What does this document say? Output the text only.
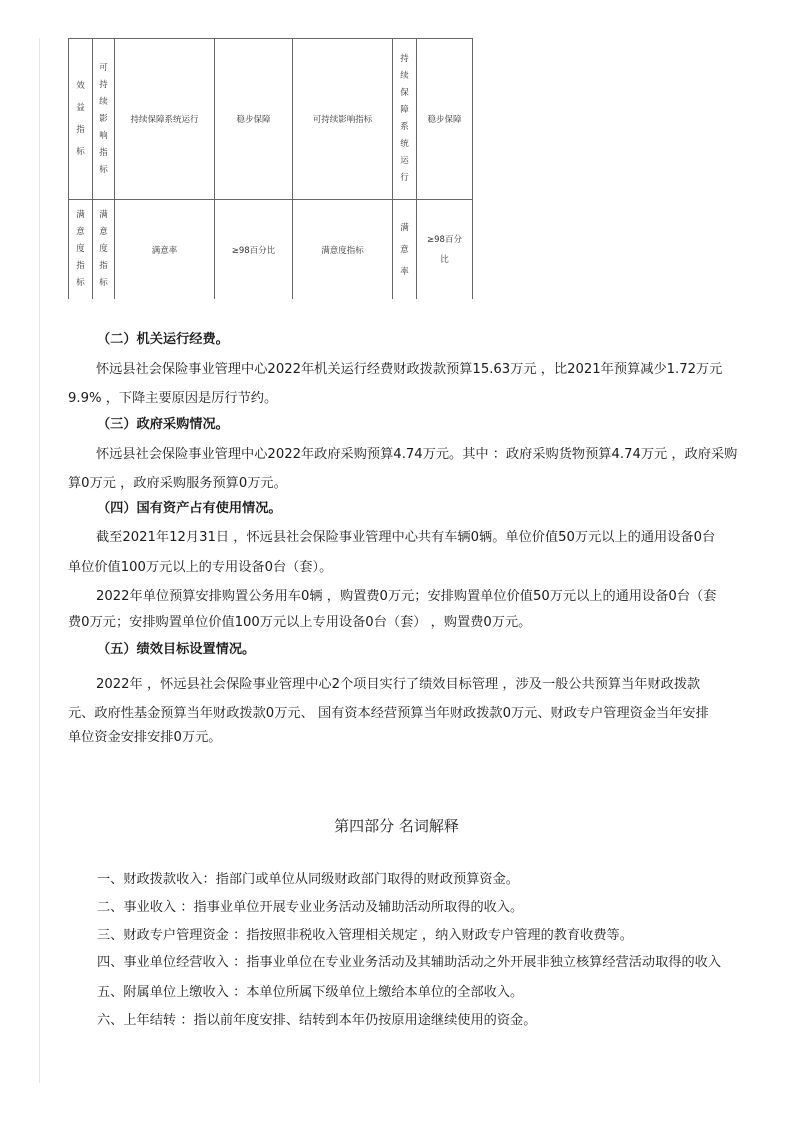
效益指标	可持续影响指标	持续保障系统运行	稳步保障	可持续影响指标	持续保障系统运行	稳步保障
满意度指标	满意度指标	满意率	≥98百分比	满意度指标	满意率	≥98百分比
（二）机关运行经费。
怀远县社会保险事业管理中心2022年机关运行经费财政拨款预算15.63万元 ，比2021年预算减少1.72万元
9.9% ，下降主要原因是厉行节约。
（三）政府采购情况。
怀远县社会保险事业管理中心2022年政府采购预算4.74万元。其中 ：政府采购货物预算4.74万元 ，政府采购
算0万元 ，政府采购服务预算0万元。
（四）国有资产占有使用情况。
截至2021年12月31日 ，怀远县社会保险事业管理中心共有车辆0辆。单位价值50万元以上的通用设备0台
单位价值100万元以上的专用设备0台（套）。
2022年单位预算安排购置公务用车0辆 ，购置费0万元；安排购置单位价值50万元以上的通用设备0台（套
费0万元；安排购置单位价值100万元以上专用设备0台（套） ，购置费0万元。
（五）绩效目标设置情况。
2022年 ，怀远县社会保险事业管理中心2个项目实行了绩效目标管理 ，涉及一般公共预算当年财政拨款
元、政府性基金预算当年财政拨款0万元、 国有资本经营预算当年财政拨款0万元、财政专户管理资金当年安排
单位资金安排安排0万元。
第四部分 名词解释
一、财政拨款收入：指部门或单位从同级财政部门取得的财政预算资金。
二、事业收入 ：指事业单位开展专业业务活动及辅助活动所取得的收入。
三、财政专户管理资金 ：指按照非税收入管理相关规定 ，纳入财政专户管理的教育收费等。
四、事业单位经营收入 ：指事业单位在专业业务活动及其辅助活动之外开展非独立核算经营活动取得的收入
五、附属单位上缴收入 ：本单位所属下级单位上缴给本单位的全部收入。
六、上年结转 ：指以前年度安排、结转到本年仍按原用途继续使用的资金。
